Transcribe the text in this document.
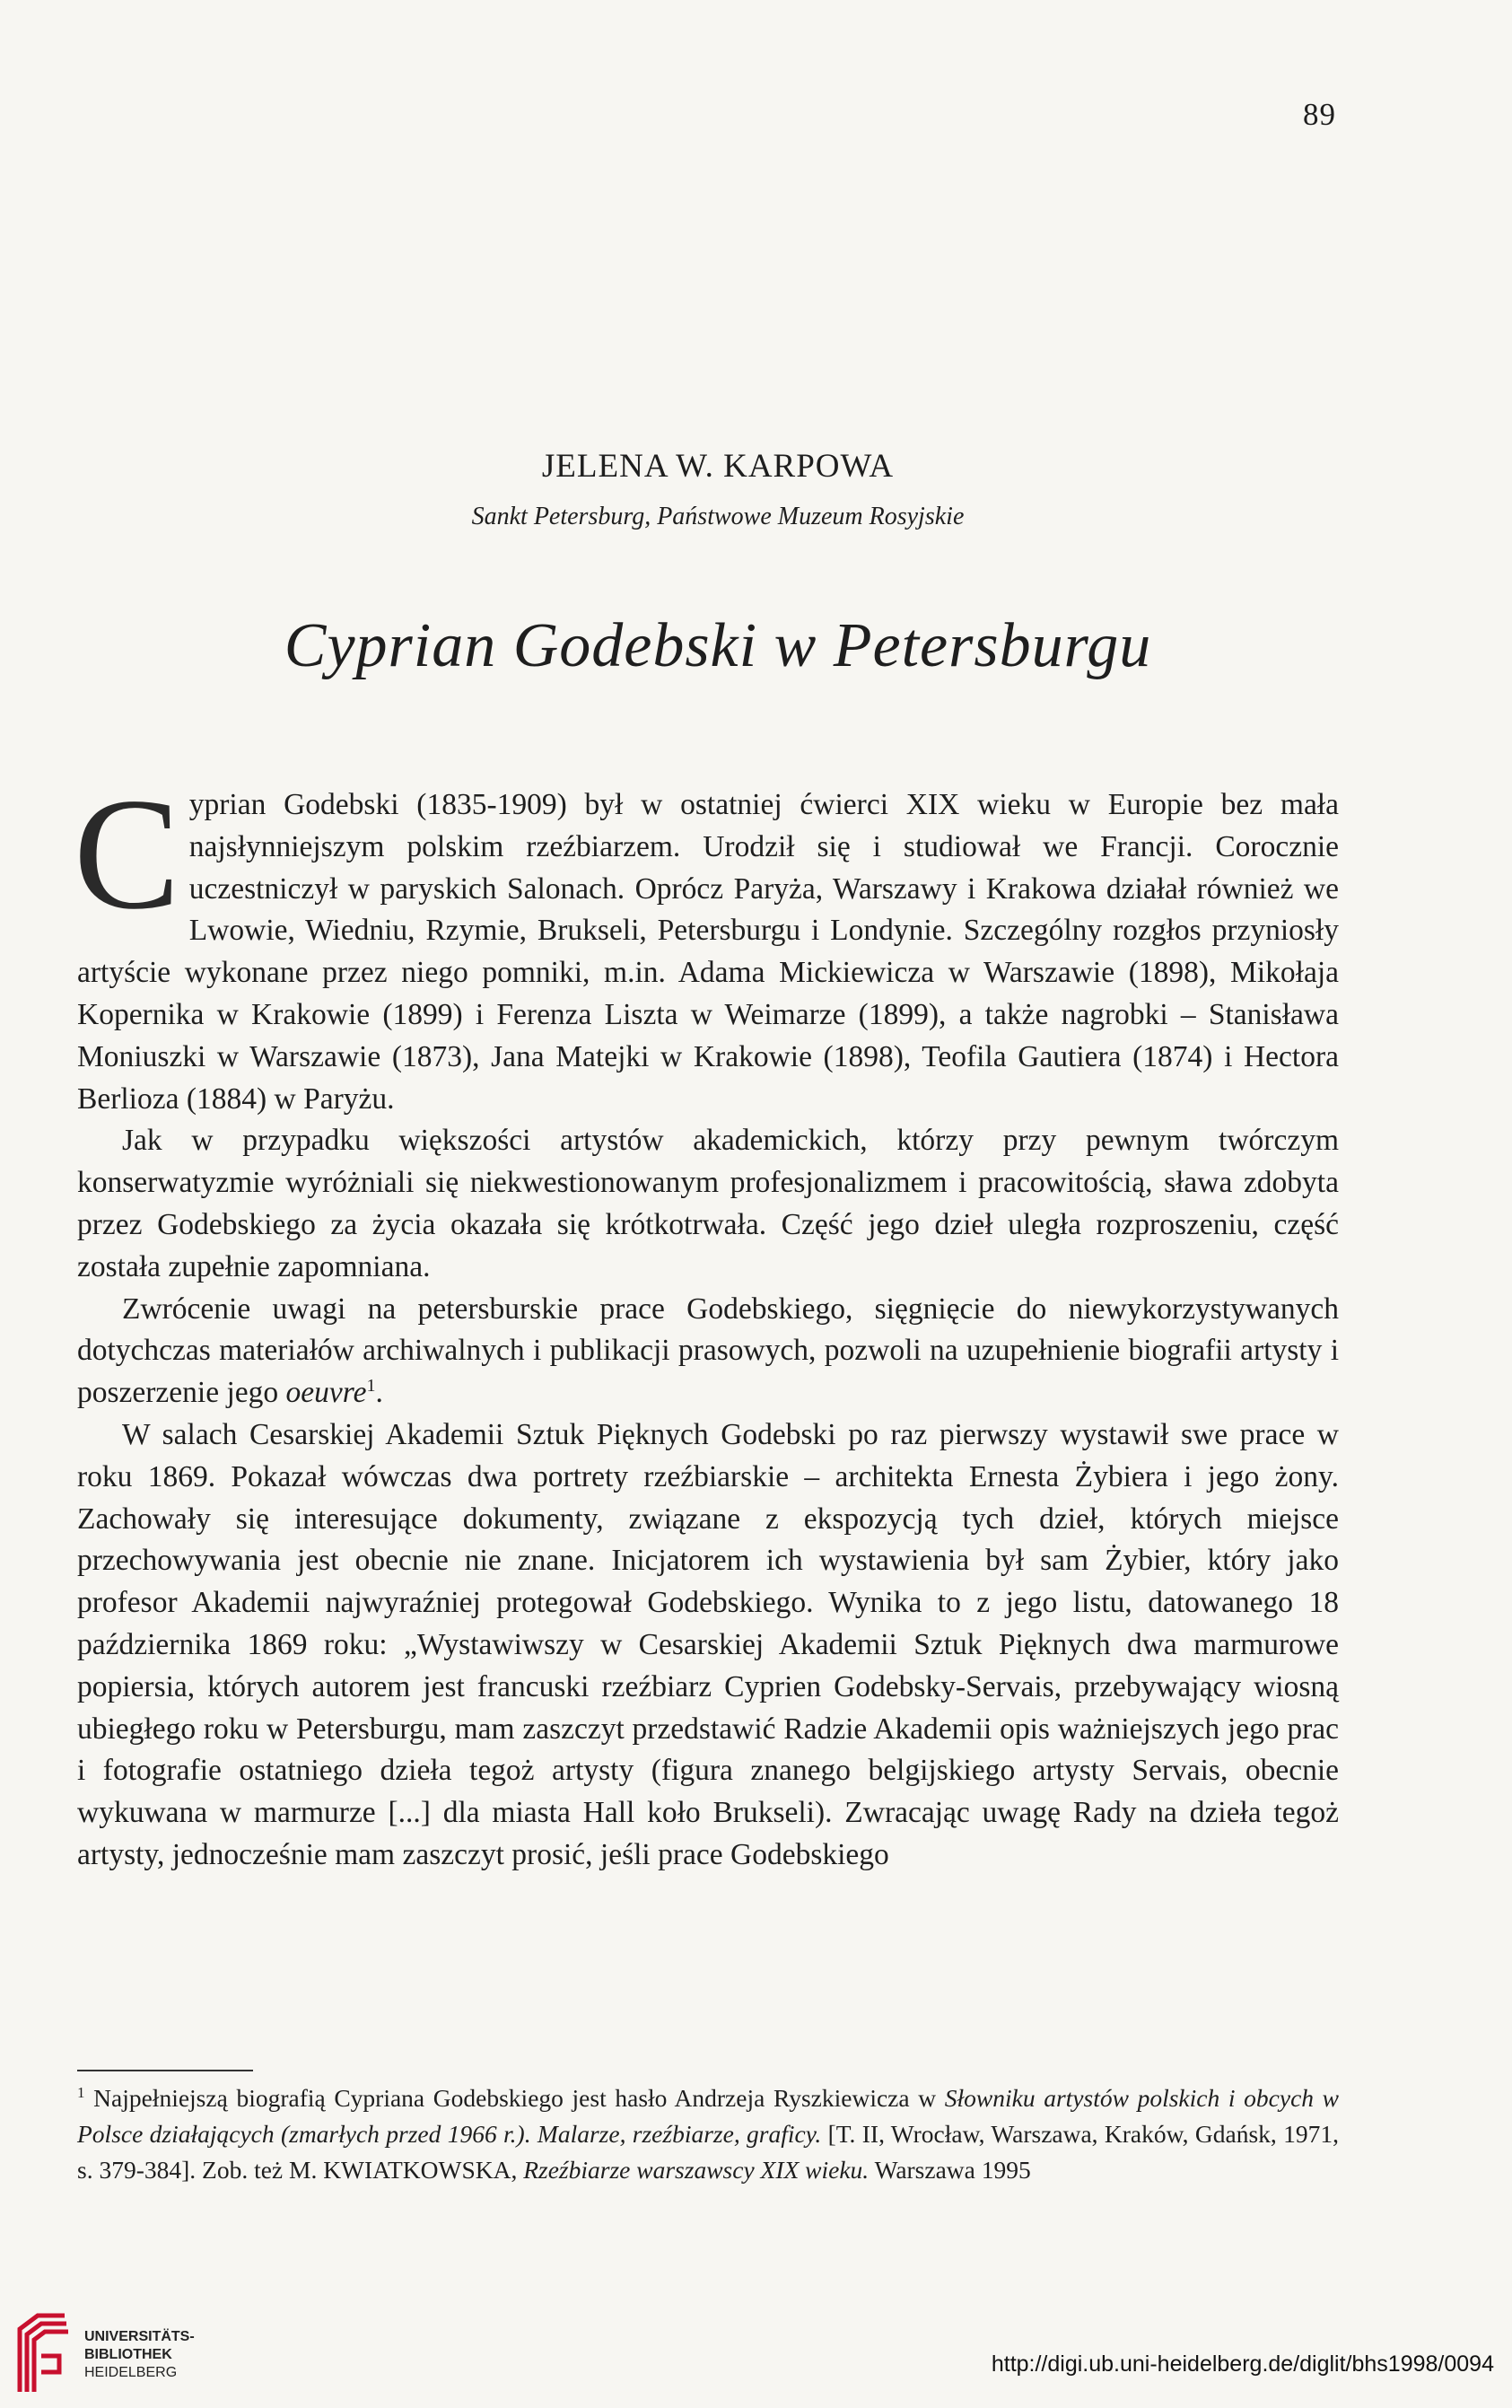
89
JELENA W. KARPOWA
Sankt Petersburg, Państwowe Muzeum Rosyjskie
Cyprian Godebski w Petersburgu

Cyprian Godebski (1835-1909) był w ostatniej ćwierci XIX wieku w Europie bez mała najsłynniejszym polskim rzeźbiarzem. Urodził się i studiował we Francji. Corocznie uczestniczył w paryskich Salonach. Oprócz Paryża, Warszawy i Krakowa działał również we Lwowie, Wiedniu, Rzymie, Brukseli, Petersburgu i Londynie. Szczególny rozgłos przyniosły artyście wykonane przez niego pomniki, m.in. Adama Mickiewicza w Warszawie (1898), Mikołaja Kopernika w Krakowie (1899) i Ferenza Liszta w Weimarze (1899), a także nagrobki – Stanisława Moniuszki w Warszawie (1873), Jana Matejki w Krakowie (1898), Teofila Gautiera (1874) i Hectora Berlioza (1884) w Paryżu.

Jak w przypadku większości artystów akademickich, którzy przy pewnym twórczym konserwatyzmie wyróżniali się niekwestionowanym profesjonalizmem i pracowitością, sława zdobyta przez Godebskiego za życia okazała się krótkotrwała. Część jego dzieł uległa rozproszeniu, część została zupełnie zapomniana.

Zwrócenie uwagi na petersburskie prace Godebskiego, sięgnięcie do niewykorzystywanych dotychczas materiałów archiwalnych i publikacji prasowych, pozwoli na uzupełnienie biografii artysty i poszerzenie jego oeuvre$^1$.

W salach Cesarskiej Akademii Sztuk Pięknych Godebski po raz pierwszy wystawił swe prace w roku 1869. Pokazał wówczas dwa portrety rzeźbiarskie – architekta Ernesta Żybiera i jego żony. Zachowały się interesujące dokumenty, związane z ekspozycją tych dzieł, których miejsce przechowywania jest obecnie nie znane. Inicjatorem ich wystawienia był sam Żybier, który jako profesor Akademii najwyraźniej protegował Godebskiego. Wynika to z jego listu, datowanego 18 października 1869 roku: „Wystawiwszy w Cesarskiej Akademii Sztuk Pięknych dwa marmurowe popiersia, których autorem jest francuski rzeźbiarz Cyprien Godebsky-Servais, przebywający wiosną ubiegłego roku w Petersburgu, mam zaszczyt przedstawić Radzie Akademii opis ważniejszych jego prac i fotografie ostatniego dzieła tegoż artysty (figura znanego belgijskiego artysty Servais, obecnie wykuwana w marmurze [...] dla miasta Hall koło Brukseli). Zwracając uwagę Rady na dzieła tegoż artysty, jednocześnie mam zaszczyt prosić, jeśli prace Godebskiego

$^1$ Najpełniejszą biografią Cypriana Godebskiego jest hasło Andrzeja Ryszkiewicza w Słowniku artystów polskich i obcych w Polsce działających (zmarłych przed 1966 r.). Malarze, rzeźbiarze, graficy. [T. II, Wrocław, Warszawa, Kraków, Gdańsk, 1971, s. 379-384]. Zob. też M. KWIATKOWSKA, Rzeźbiarze warszawscy XIX wieku. Warszawa 1995
UNIVERSITÄTS-
BIBLIOTHEK
HEIDELBERG	http://digi.ub.uni-heidelberg.de/diglit/bhs1998/0094
